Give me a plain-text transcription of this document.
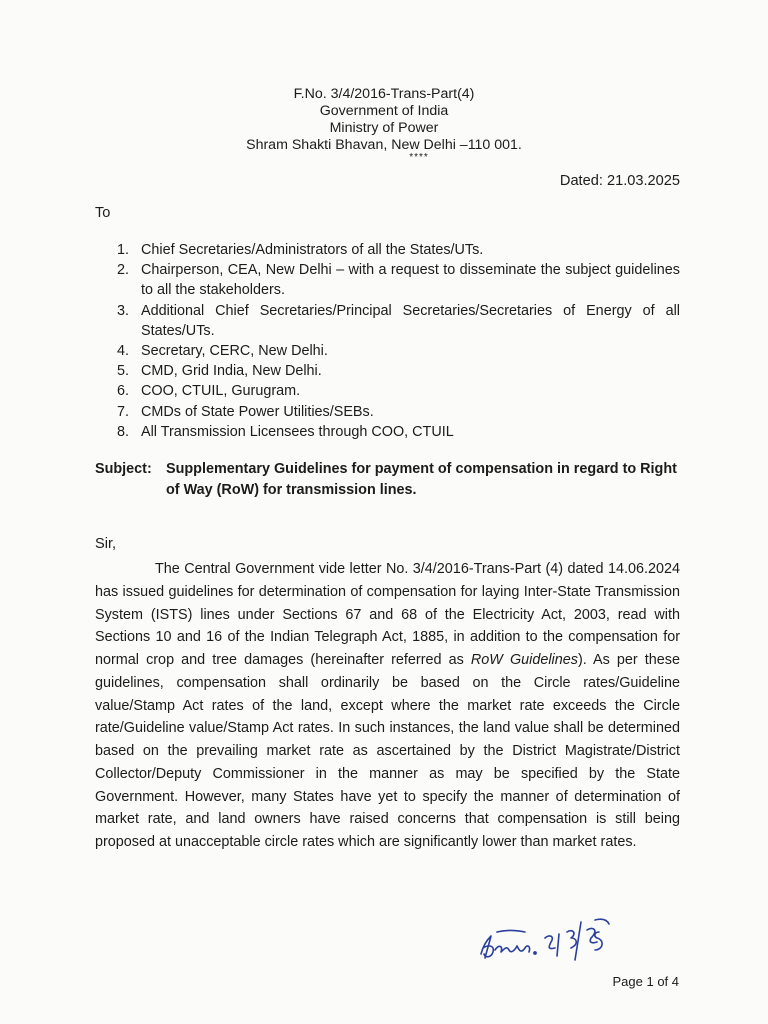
F.No. 3/4/2016-Trans-Part(4)
Government of India
Ministry of Power
Shram Shakti Bhavan, New Delhi –110 001.
****
Dated: 21.03.2025
To
1. Chief Secretaries/Administrators of all the States/UTs.
2. Chairperson, CEA, New Delhi – with a request to disseminate the subject guidelines to all the stakeholders.
3. Additional Chief Secretaries/Principal Secretaries/Secretaries of Energy of all States/UTs.
4. Secretary, CERC, New Delhi.
5. CMD, Grid India, New Delhi.
6. COO, CTUIL, Gurugram.
7. CMDs of State Power Utilities/SEBs.
8. All Transmission Licensees through COO, CTUIL
Subject: Supplementary Guidelines for payment of compensation in regard to Right of Way (RoW) for transmission lines.
Sir,

The Central Government vide letter No. 3/4/2016-Trans-Part (4) dated 14.06.2024 has issued guidelines for determination of compensation for laying Inter-State Transmission System (ISTS) lines under Sections 67 and 68 of the Electricity Act, 2003, read with Sections 10 and 16 of the Indian Telegraph Act, 1885, in addition to the compensation for normal crop and tree damages (hereinafter referred as RoW Guidelines). As per these guidelines, compensation shall ordinarily be based on the Circle rates/Guideline value/Stamp Act rates of the land, except where the market rate exceeds the Circle rate/Guideline value/Stamp Act rates. In such instances, the land value shall be determined based on the prevailing market rate as ascertained by the District Magistrate/District Collector/Deputy Commissioner in the manner as may be specified by the State Government. However, many States have yet to specify the manner of determination of market rate, and land owners have raised concerns that compensation is still being proposed at unacceptable circle rates which are significantly lower than market rates.

Page 1 of 4
